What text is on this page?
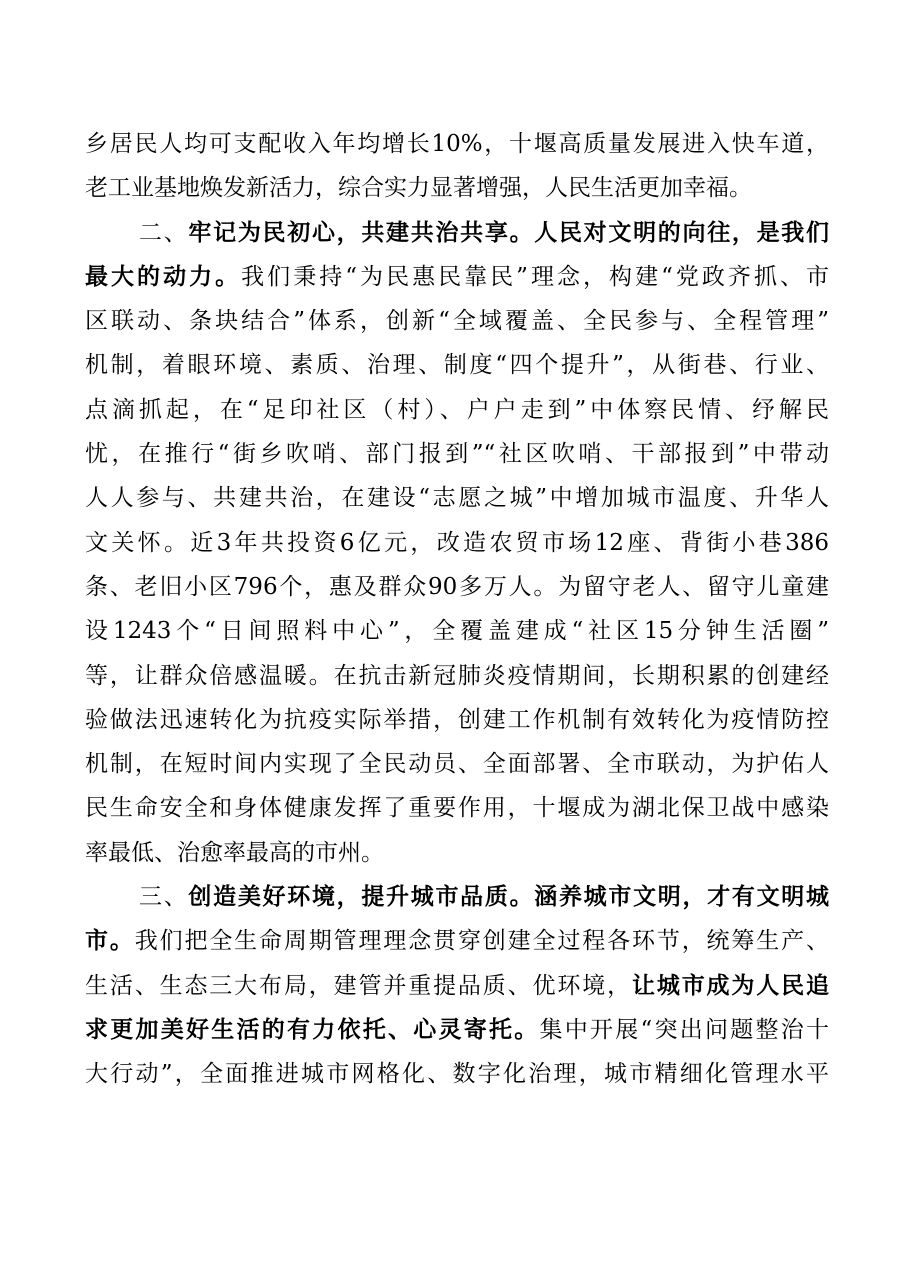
乡居民人均可支配收入年均增长10%，十堰高质量发展进入快车道，
老工业基地焕发新活力，综合实力显著增强，人民生活更加幸福。
二、牢记为民初心，共建共治共享。人民对文明的向往，是我们
最大的动力。我们秉持“为民惠民靠民”理念，构建“党政齐抓、市
区联动、条块结合”体系，创新“全域覆盖、全民参与、全程管理”
机制，着眼环境、素质、治理、制度“四个提升”，从街巷、行业、
点滴抓起，在“足印社区（村）、户户走到”中体察民情、纾解民
忧，在推行“街乡吹哨、部门报到”“社区吹哨、干部报到”中带动
人人参与、共建共治，在建设“志愿之城”中增加城市温度、升华人
文关怀。近3年共投资6亿元，改造农贸市场12座、背街小巷386
条、老旧小区796个，惠及群众90多万人。为留守老人、留守儿童建
设1243个“日间照料中心”，全覆盖建成“社区15分钟生活圈”
等，让群众倍感温暖。在抗击新冠肺炎疫情期间，长期积累的创建经
验做法迅速转化为抗疫实际举措，创建工作机制有效转化为疫情防控
机制，在短时间内实现了全民动员、全面部署、全市联动，为护佑人
民生命安全和身体健康发挥了重要作用，十堰成为湖北保卫战中感染
率最低、治愈率最高的市州。
三、创造美好环境，提升城市品质。涵养城市文明，才有文明城
市。我们把全生命周期管理理念贯穿创建全过程各环节，统筹生产、
生活、生态三大布局，建管并重提品质、优环境，让城市成为人民追
求更加美好生活的有力依托、心灵寄托。集中开展“突出问题整治十
大行动”，全面推进城市网格化、数字化治理，城市精细化管理水平
